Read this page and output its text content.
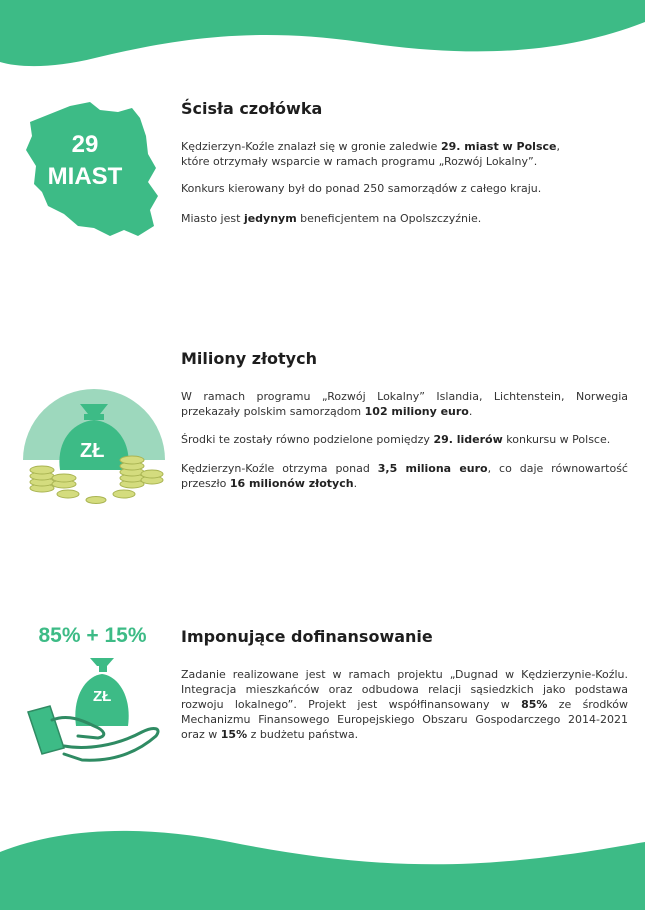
29
MIAST
ZŁ
85% + 15%
ZŁ
Ścisła czołówka
Miliony złotych
Imponujące dofinansowanie

Kędzierzyn-Koźle znalazł się w gronie zaledwie 29. miast w Polsce,
które otrzymały wsparcie w ramach programu „Rozwój Lokalny”.

Konkurs kierowany był do ponad 250 samorządów z całego kraju.

Miasto jest jedynym beneficjentem na Opolszczyźnie.

W ramach programu „Rozwój Lokalny” Islandia, Lichtenstein, Norwegia przekazały polskim samorządom 102 miliony euro.

Środki te zostały równo podzielone pomiędzy 29. liderów konkursu w Polsce.

Kędzierzyn-Koźle otrzyma ponad 3,5 miliona euro, co daje równowartość przeszło 16 milionów złotych.

Zadanie realizowane jest w ramach projektu „Dugnad w Kędzierzynie-Koźlu. Integracja mieszkańców oraz odbudowa relacji sąsiedzkich jako podstawa rozwoju lokalnego”. Projekt jest współfinansowany w 85% ze środków Mechanizmu Finansowego Europejskiego Obszaru Gospodarczego 2014-2021 oraz w 15% z budżetu państwa.
